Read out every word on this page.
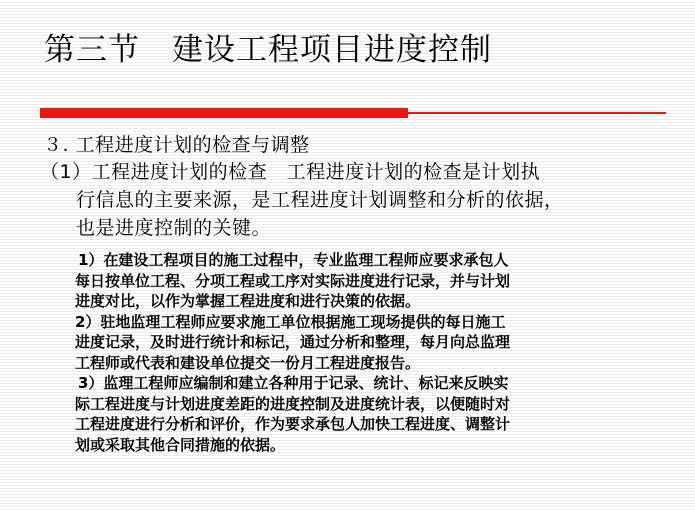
第三节　建设工程项目进度控制
３. 工程进度计划的检查与调整
（1）工程进度计划的检查　工程进度计划的检查是计划执
行信息的主要来源，是工程进度计划调整和分析的依据，
也是进度控制的关键。
1）在建设工程项目的施工过程中，专业监理工程师应要求承包人
每日按单位工程、分项工程或工序对实际进度进行记录，并与计划
进度对比，以作为掌握工程进度和进行决策的依据。
2）驻地监理工程师应要求施工单位根据施工现场提供的每日施工
进度记录，及时进行统计和标记，通过分析和整理，每月向总监理
工程师或代表和建设单位提交一份月工程进度报告。
3）监理工程师应编制和建立各种用于记录、统计、标记来反映实
际工程进度与计划进度差距的进度控制及进度统计表，以便随时对
工程进度进行分析和评价，作为要求承包人加快工程进度、调整计
划或采取其他合同措施的依据。
